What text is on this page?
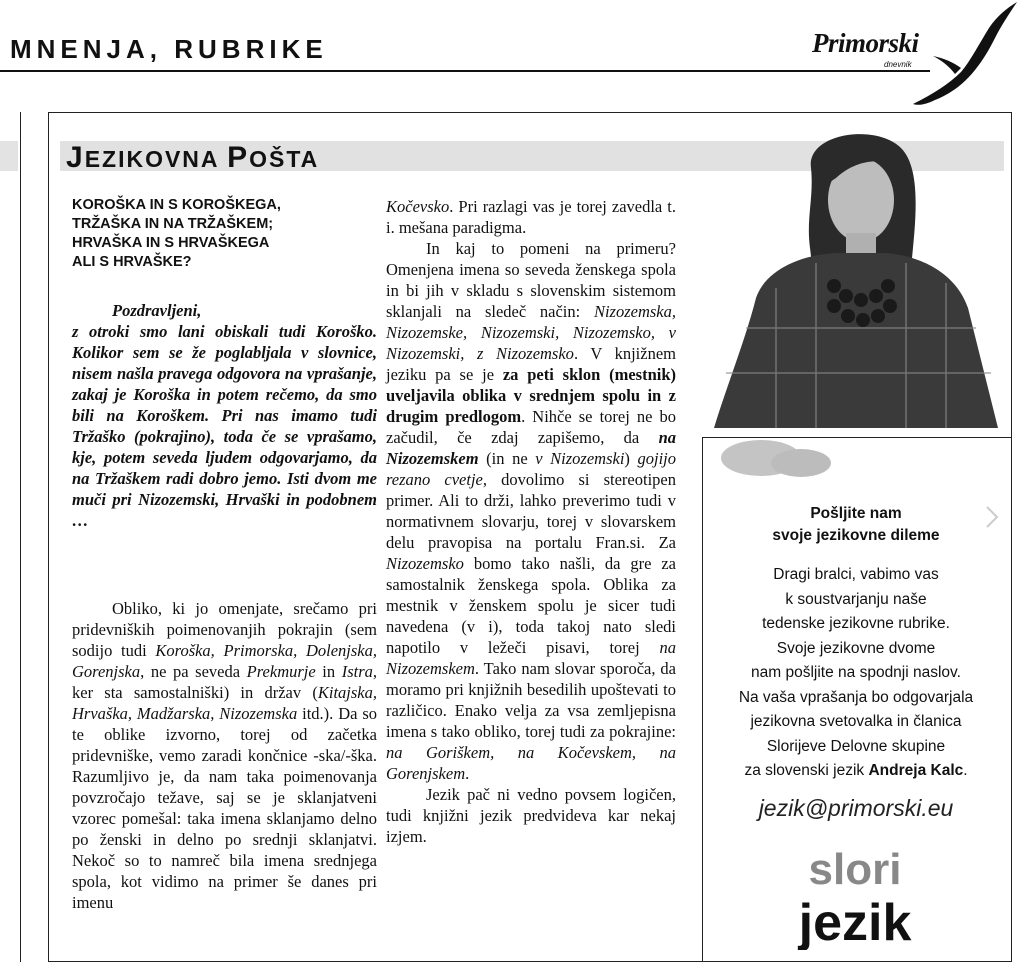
MNENJA, RUBRIKE	Primorski
dnevnik
JEZIKOVNA POŠTA
KOROŠKA IN S KOROŠKEGA,
TRŽAŠKA IN NA TRŽAŠKEM;
HRVAŠKA IN S HRVAŠKEGA
ALI S HRVAŠKE?
Pozdravljeni,
z otroki smo lani obiskali tudi Koroško. Kolikor sem se že poglabljala v slovnice, nisem našla pravega odgovora na vprašanje, zakaj je Koroška in potem rečemo, da smo bili na Koroškem. Pri nas imamo tudi Tržaško (pokrajino), toda če se vprašamo, kje, potem seveda ljudem odgovarjamo, da na Tržaškem radi dobro jemo. Isti dvom me muči pri Nizozemski, Hrvaški in podobnem …

Obliko, ki jo omenjate, srečamo pri pridevniških poimenovanjih pokrajin (sem sodijo tudi Koroška, Primorska, Dolenjska, Gorenjska, ne pa seveda Prekmurje in Istra, ker sta samostalniški) in držav (Kitajska, Hrvaška, Madžarska, Nizozemska itd.). Da so te oblike izvorno, torej od začetka pridevniške, vemo zaradi končnice -ska/-ška. Razumljivo je, da nam taka poimenovanja povzročajo težave, saj se je sklanjatveni vzorec pomešal: taka imena sklanjamo delno po ženski in delno po srednji sklanjatvi. Nekoč so to namreč bila imena srednjega spola, kot vidimo na primer še danes pri imenu

Kočevsko. Pri razlagi vas je torej zavedla t. i. mešana paradigma.

In kaj to pomeni na primeru? Omenjena imena so seveda ženskega spola in bi jih v skladu s slovenskim sistemom sklanjali na sledeč način: Nizozemska, Nizozemske, Nizozemski, Nizozemsko, v Nizozemski, z Nizozemsko. V knjižnem jeziku pa se je za peti sklon (mestnik) uveljavila oblika v srednjem spolu in z drugim predlogom. Nihče se torej ne bo začudil, če zdaj zapišemo, da na Nizozemskem (in ne v Nizozemski) gojijo rezano cvetje, dovolimo si stereotipen primer. Ali to drži, lahko preverimo tudi v normativnem slovarju, torej v slovarskem delu pravopisa na portalu Fran.si. Za Nizozemsko bomo tako našli, da gre za samostalnik ženskega spola. Oblika za mestnik v ženskem spolu je sicer tudi navedena (v i), toda takoj nato sledi napotilo v ležeči pisavi, torej na Nizozemskem. Tako nam slovar sporoča, da moramo pri knjižnih besedilih upoštevati to različico. Enako velja za vsa zemljepisna imena s tako obliko, torej tudi za pokrajine: na Goriškem, na Kočevskem, na Gorenjskem.

Jezik pač ni vedno povsem logičen, tudi knjižni jezik predvideva kar nekaj izjem.

Pošljite nam
svoje jezikovne dileme
Dragi bralci, vabimo vas
k soustvarjanju naše
tedenske jezikovne rubrike.
Svoje jezikovne dvome
nam pošljite na spodnji naslov.
Na vaša vprašanja bo odgovarjala
jezikovna svetovalka in članica
Slorijeve Delovne skupine
za slovenski jezik Andreja Kalc.
jezik@primorski.eu
slori
jezik
